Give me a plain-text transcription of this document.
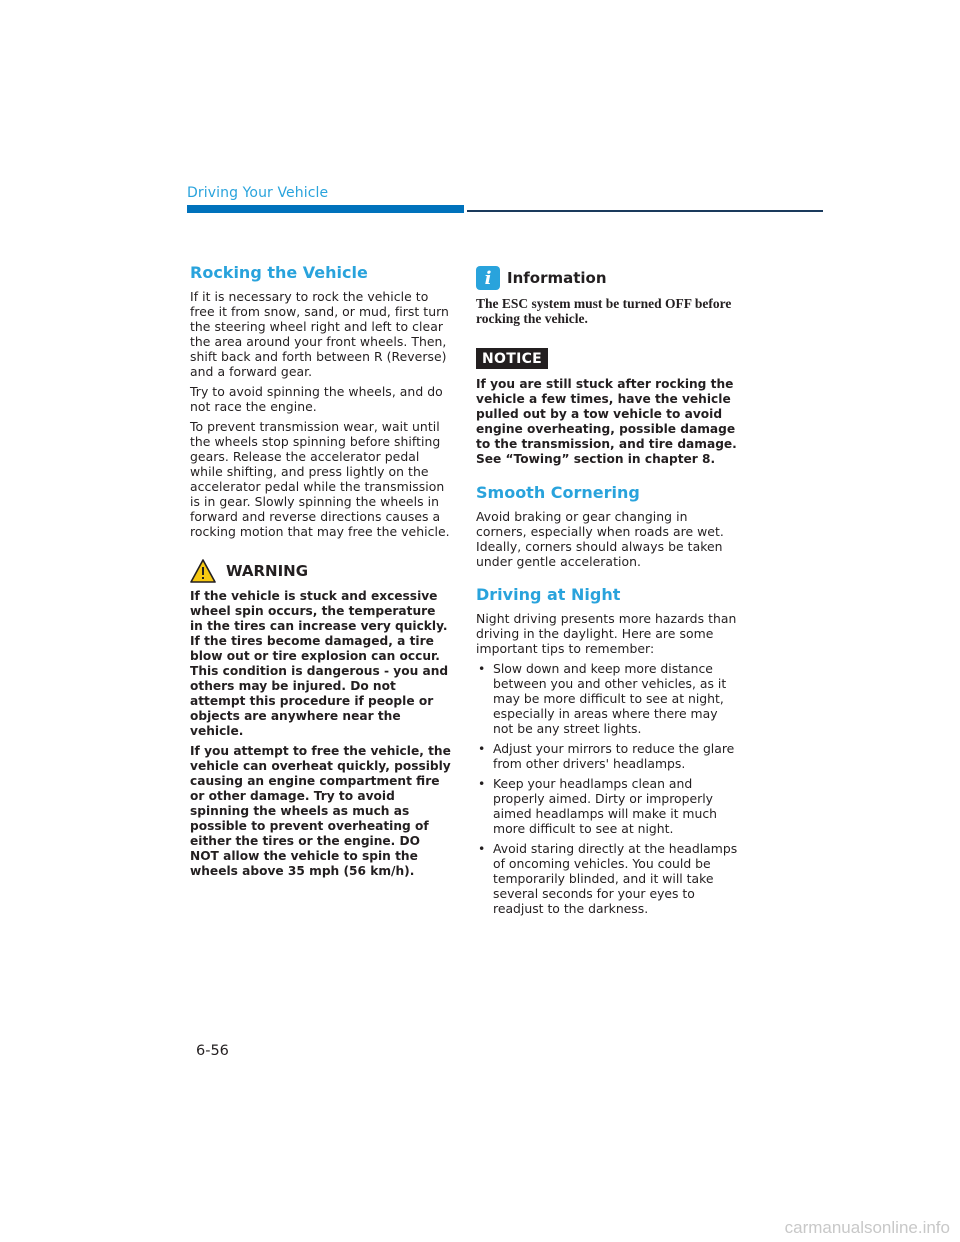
Driving Your Vehicle
Rocking the Vehicle

If it is necessary to rock the vehicle to free it from snow, sand, or mud, first turn the steering wheel right and left to clear the area around your front wheels. Then, shift back and forth between R (Reverse) and a forward gear.

Try to avoid spinning the wheels, and do not race the engine.

To prevent transmission wear, wait until the wheels stop spinning before shifting gears. Release the accelerator pedal while shifting, and press lightly on the accelerator pedal while the transmission is in gear. Slowly spinning the wheels in forward and reverse directions causes a rocking motion that may free the vehicle.

WARNING

If the vehicle is stuck and excessive wheel spin occurs, the temperature in the tires can increase very quickly. If the tires become damaged, a tire blow out or tire explosion can occur. This condition is dangerous - you and others may be injured. Do not attempt this procedure if people or objects are anywhere near the vehicle.

If you attempt to free the vehicle, the vehicle can overheat quickly, possibly causing an engine compartment fire or other damage. Try to avoid spinning the wheels as much as possible to prevent overheating of either the tires or the engine. DO NOT allow the vehicle to spin the wheels above 35 mph (56 km/h).

i	Information

The ESC system must be turned OFF before rocking the vehicle.

NOTICE

If you are still stuck after rocking the vehicle a few times, have the vehicle pulled out by a tow vehicle to avoid engine overheating, possible damage to the transmission, and tire damage. See “Towing” section in chapter 8.

Smooth Cornering

Avoid braking or gear changing in corners, especially when roads are wet. Ideally, corners should always be taken under gentle acceleration.

Driving at Night

Night driving presents more hazards than driving in the daylight. Here are some important tips to remember:

• Slow down and keep more distance between you and other vehicles, as it may be more difficult to see at night, especially in areas where there may not be any street lights.
• Adjust your mirrors to reduce the glare from other drivers' headlamps.
• Keep your headlamps clean and properly aimed. Dirty or improperly aimed headlamps will make it much more difficult to see at night.
• Avoid staring directly at the headlamps of oncoming vehicles. You could be temporarily blinded, and it will take several seconds for your eyes to readjust to the darkness.
6-56
carmanualsonline.info
